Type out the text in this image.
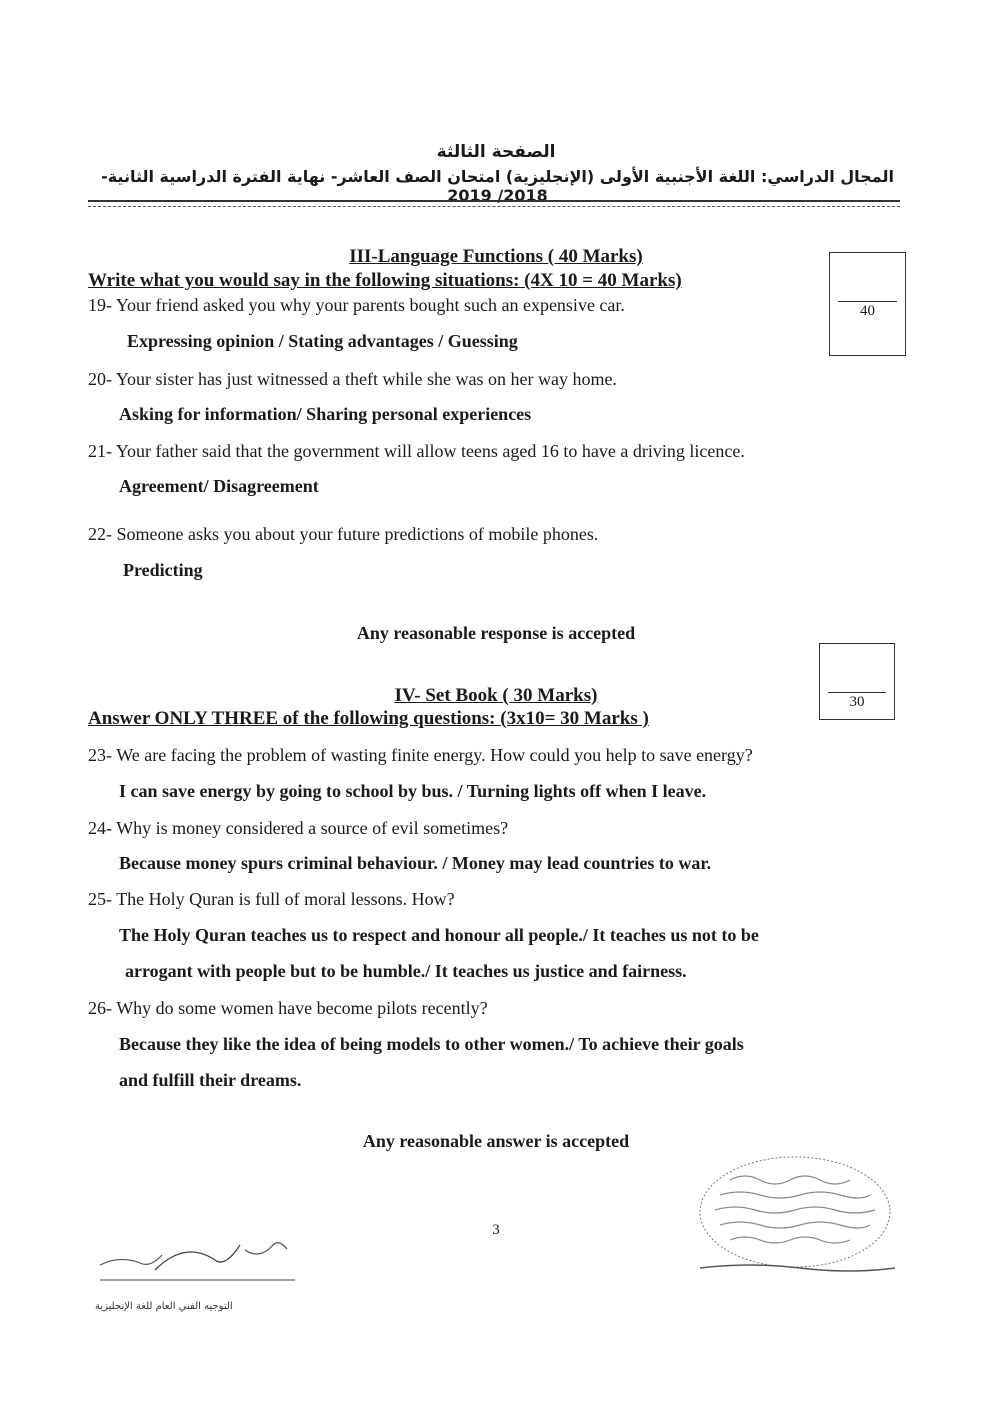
الصفحة الثالثة
المجال الدراسي: اللغة الأجنبية الأولى (الإنجليزية) امتحان الصف العاشر- نهاية الفترة الدراسية الثانية- 2018/ 2019
III-Language Functions ( 40 Marks)
Write what you would say in the following situations: (4X 10 = 40 Marks)
40
19- Your friend asked you why your parents bought such an expensive car.
Expressing opinion / Stating advantages / Guessing
20- Your sister has just witnessed a theft while she was on her way home.
Asking for information/ Sharing personal experiences
21- Your father said that the government will allow teens aged 16 to have a driving licence.
Agreement/ Disagreement
22- Someone asks you about your future predictions of mobile phones.
Predicting
Any reasonable response is accepted
30
IV- Set Book ( 30 Marks)
Answer ONLY THREE of the following questions: (3x10= 30 Marks )
23- We are facing the problem of wasting finite energy. How could you help to save energy?
I can save energy by going to school by bus. / Turning lights off when I leave.
24- Why is money considered a source of evil sometimes?
Because money spurs criminal behaviour. / Money may lead countries to war.
25- The Holy Quran is full of moral lessons. How?
The Holy Quran teaches us to respect and honour all people./ It teaches us not to be
arrogant with people but to be humble./ It teaches us justice and fairness.
26- Why do some women have become pilots recently?
Because they like the idea of being models to other women./ To achieve their goals
and fulfill their dreams.
Any reasonable answer is accepted
التوجيه الفني العام للغة الإنجليزية
3
